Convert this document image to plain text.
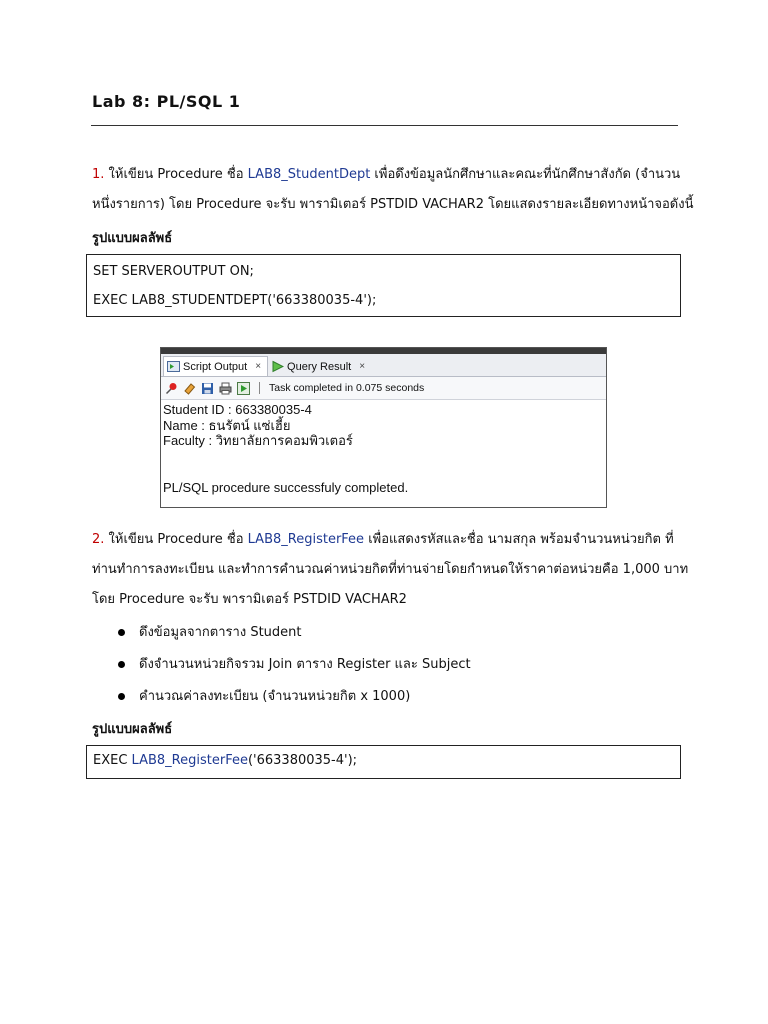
Lab 8: PL/SQL 1
1. ให้เขียน Procedure ชื่อ LAB8_StudentDept เพื่อดึงข้อมูลนักศึกษาและคณะที่นักศึกษาสังกัด (จำนวน
หนึ่งรายการ) โดย Procedure จะรับ พารามิเตอร์ PSTDID VACHAR2 โดยแสดงรายละเอียดทางหน้าจอดังนี้
รูปแบบผลลัพธ์
SET SERVEROUTPUT ON;
EXEC LAB8_STUDENTDEPT('663380035-4');
Script Output × Query Result ×
Task completed in 0.075 seconds
Student ID : 663380035-4
Name : ธนรัตน์ แซ่เฮี้ย
Faculty : วิทยาลัยการคอมพิวเตอร์
PL/SQL procedure successfuly completed.
2. ให้เขียน Procedure ชื่อ LAB8_RegisterFee เพื่อแสดงรหัสและชื่อ นามสกุล พร้อมจำนวนหน่วยกิต ที่
ท่านทำการลงทะเบียน และทำการคำนวณค่าหน่วยกิตที่ท่านจ่ายโดยกำหนดให้ราคาต่อหน่วยคือ 1,000 บาท
โดย Procedure จะรับ พารามิเตอร์ PSTDID VACHAR2
ดึงข้อมูลจากตาราง Student
ดึงจำนวนหน่วยกิจรวม Join ตาราง Register และ Subject
คำนวณค่าลงทะเบียน (จำนวนหน่วยกิต x 1000)
รูปแบบผลลัพธ์
EXEC LAB8_RegisterFee('663380035-4');
